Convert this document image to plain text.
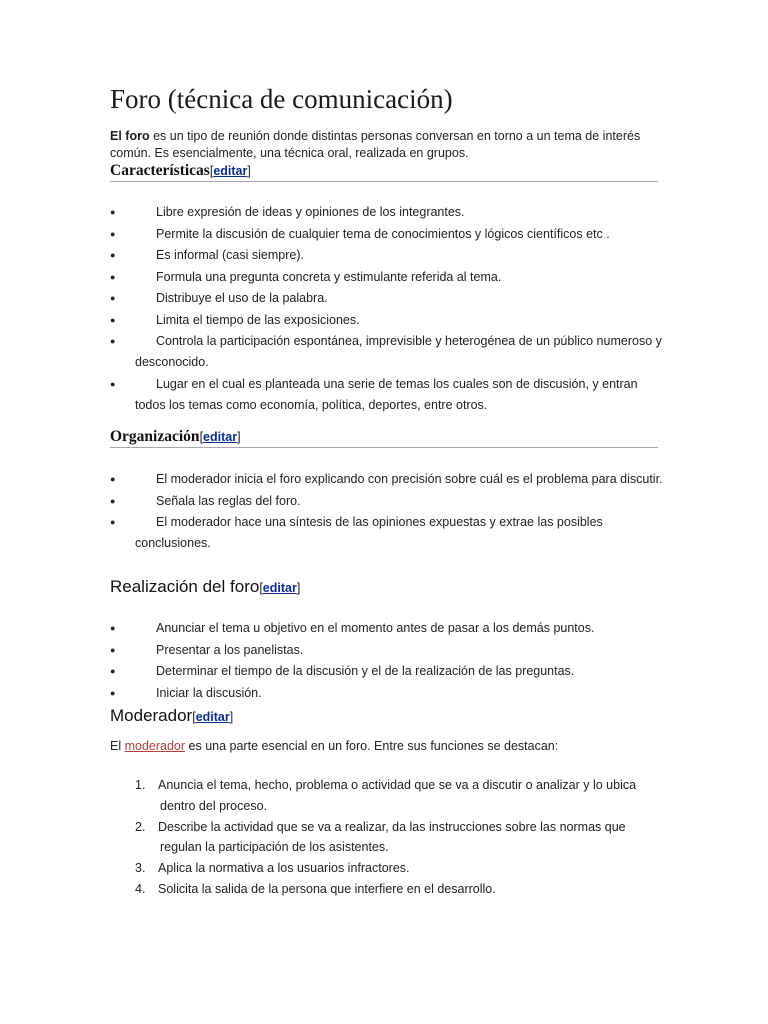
Foro (técnica de comunicación)
El foro es un tipo de reunión donde distintas personas conversan en torno a un tema de interés común. Es esencialmente, una técnica oral, realizada en grupos.
Características[editar]
●	Libre expresión de ideas y opiniones de los integrantes.
●	Permite la discusión de cualquier tema de conocimientos y lógicos científicos etc .
●	Es informal (casi siempre).
●	Formula una pregunta concreta y estimulante referida al tema.
●	Distribuye el uso de la palabra.
●	Limita el tiempo de las exposiciones.
●	Controla la participación espontánea, imprevisible y heterogénea de un público numeroso y desconocido.
●	Lugar en el cual es planteada una serie de temas los cuales son de discusión, y entran todos los temas como economía, política, deportes, entre otros.
Organización[editar]
●	El moderador inicia el foro explicando con precisión sobre cuál es el problema para discutir.
●	Señala las reglas del foro.
●	El moderador hace una síntesis de las opiniones expuestas y extrae las posibles conclusiones.
Realización del foro[editar]
●	Anunciar el tema u objetivo en el momento antes de pasar a los demás puntos.
●	Presentar a los panelistas.
●	Determinar el tiempo de la discusión y el de la realización de las preguntas.
●	Iniciar la discusión.
Moderador[editar]
El moderador es una parte esencial en un foro. Entre sus funciones se destacan:
1. Anuncia el tema, hecho, problema o actividad que se va a discutir o analizar y lo ubica dentro del proceso.
2. Describe la actividad que se va a realizar, da las instrucciones sobre las normas que regulan la participación de los asistentes.
3. Aplica la normativa a los usuarios infractores.
4. Solicita la salida de la persona que interfiere en el desarrollo.
